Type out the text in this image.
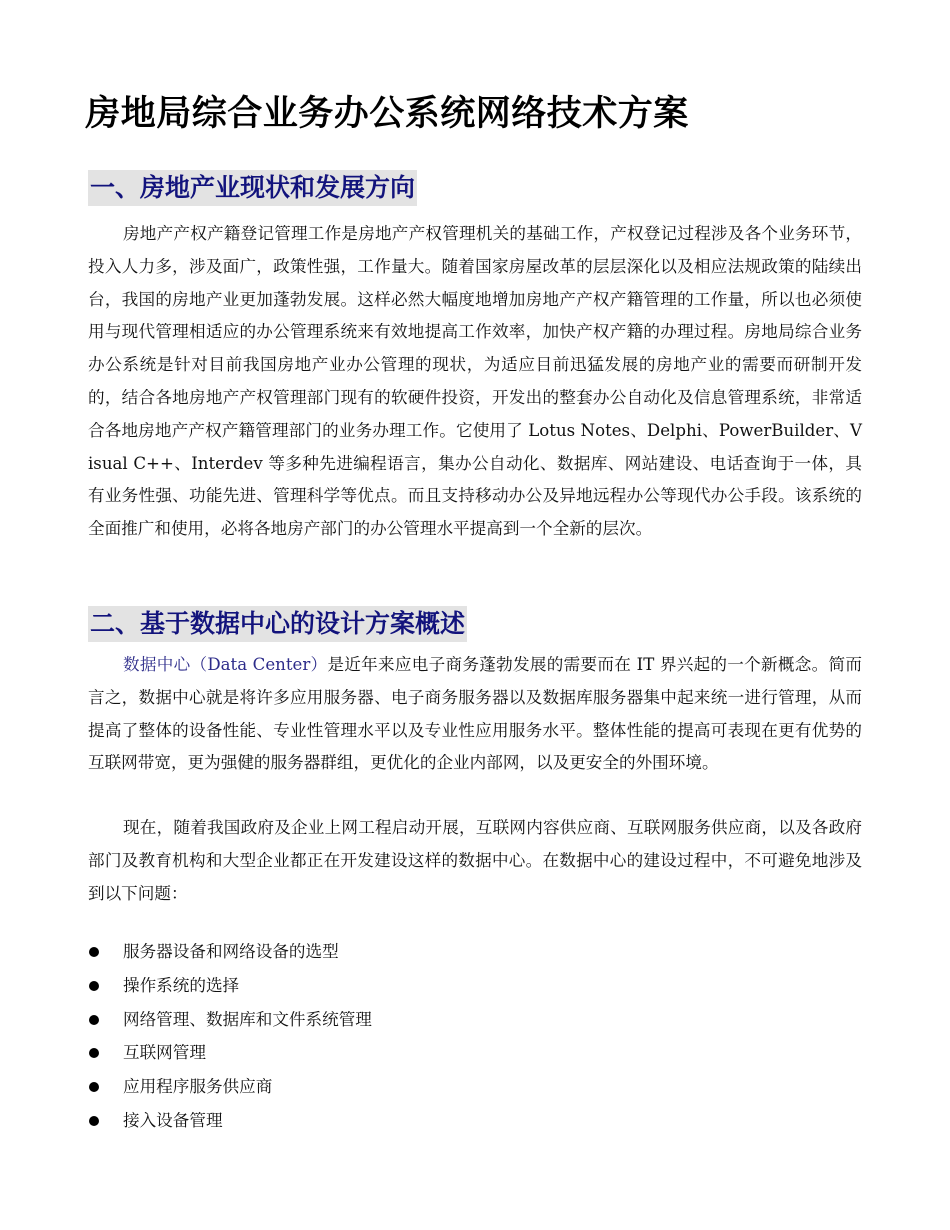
房地局综合业务办公系统网络技术方案
一、房地产业现状和发展方向

房地产产权产籍登记管理工作是房地产产权管理机关的基础工作，产权登记过程涉及各个业务环节，投入人力多，涉及面广，政策性强，工作量大。随着国家房屋改革的层层深化以及相应法规政策的陆续出台，我国的房地产业更加蓬勃发展。这样必然大幅度地增加房地产产权产籍管理的工作量，所以也必须使用与现代管理相适应的办公管理系统来有效地提高工作效率，加快产权产籍的办理过程。房地局综合业务办公系统是针对目前我国房地产业办公管理的现状，为适应目前迅猛发展的房地产业的需要而研制开发的，结合各地房地产产权管理部门现有的软硬件投资，开发出的整套办公自动化及信息管理系统，非常适合各地房地产产权产籍管理部门的业务办理工作。它使用了 Lotus Notes、Delphi、PowerBuilder、Visual C++、Interdev 等多种先进编程语言，集办公自动化、数据库、网站建设、电话查询于一体，具有业务性强、功能先进、管理科学等优点。而且支持移动办公及异地远程办公等现代办公手段。该系统的全面推广和使用，必将各地房产部门的办公管理水平提高到一个全新的层次。

二、基于数据中心的设计方案概述

数据中心（Data Center）是近年来应电子商务蓬勃发展的需要而在 IT 界兴起的一个新概念。简而言之，数据中心就是将许多应用服务器、电子商务服务器以及数据库服务器集中起来统一进行管理，从而提高了整体的设备性能、专业性管理水平以及专业性应用服务水平。整体性能的提高可表现在更有优势的互联网带宽，更为强健的服务器群组，更优化的企业内部网，以及更安全的外围环境。

现在，随着我国政府及企业上网工程启动开展，互联网内容供应商、互联网服务供应商，以及各政府部门及教育机构和大型企业都正在开发建设这样的数据中心。在数据中心的建设过程中，不可避免地涉及到以下问题：

服务器设备和网络设备的选型
操作系统的选择
网络管理、数据库和文件系统管理
互联网管理
应用程序服务供应商
接入设备管理
